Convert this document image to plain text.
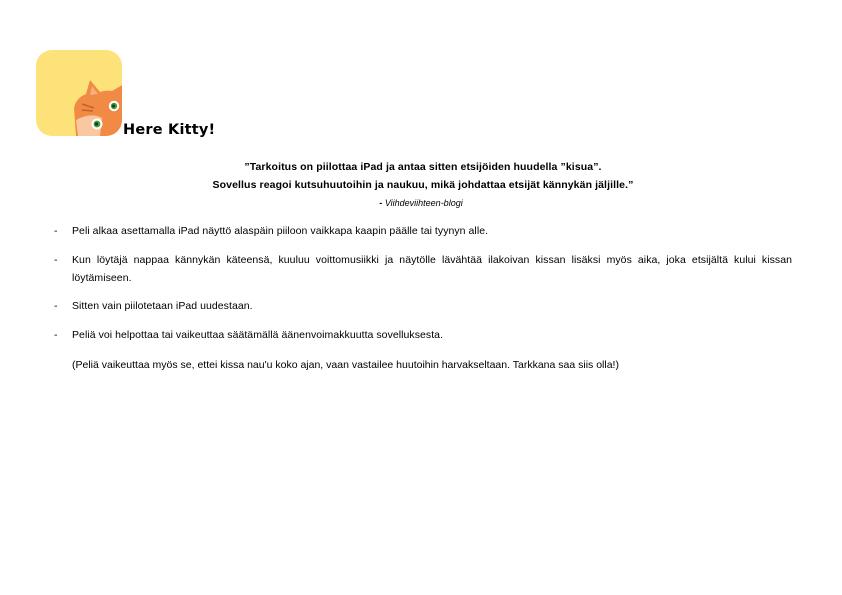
Here Kitty!
”Tarkoitus on piilottaa iPad ja antaa sitten etsijöiden huudella ”kisua”.
Sovellus reagoi kutsuhuutoihin ja naukuu, mikä johdattaa etsijät kännykän jäljille.”
- Viihdeviihteen-blogi
- Peli alkaa asettamalla iPad näyttö alaspäin piiloon vaikkapa kaapin päälle tai tyynyn alle.
- Kun löytäjä nappaa kännykän käteensä, kuuluu voittomusiikki ja näytölle lävähtää ilakoivan kissan lisäksi myös aika, joka etsijältä kului kissan löytämiseen.
- Sitten vain piilotetaan iPad uudestaan.
- Peliä voi helpottaa tai vaikeuttaa säätämällä äänenvoimakkuutta sovelluksesta.
(Peliä vaikeuttaa myös se, ettei kissa nau'u koko ajan, vaan vastailee huutoihin harvakseltaan. Tarkkana saa siis olla!)
